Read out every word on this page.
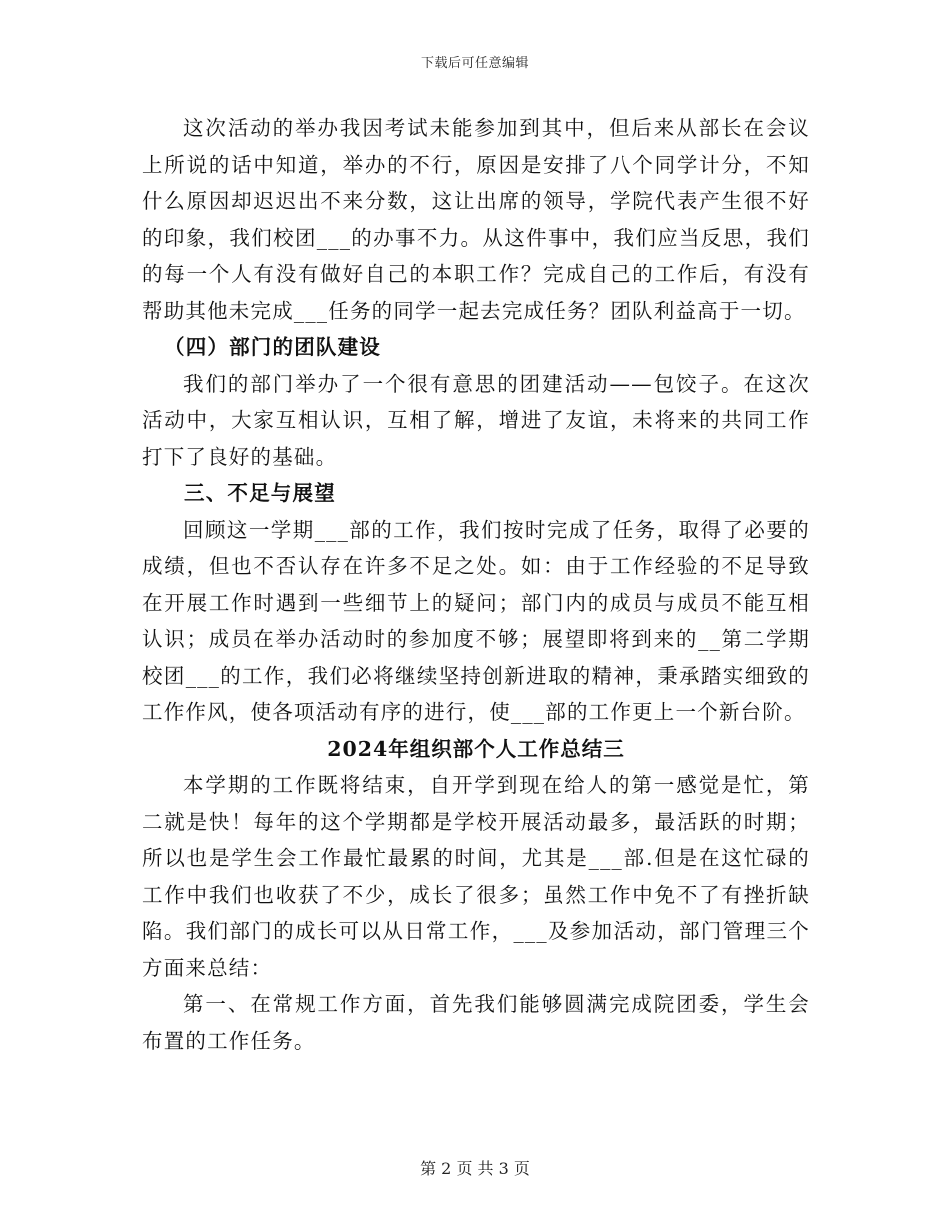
下载后可任意编辑

这次活动的举办我因考试未能参加到其中，但后来从部长在会议上所说的话中知道，举办的不行，原因是安排了八个同学计分，不知什么原因却迟迟出不来分数，这让出席的领导，学院代表产生很不好的印象，我们校团___的办事不力。从这件事中，我们应当反思，我们的每一个人有没有做好自己的本职工作？完成自己的工作后，有没有帮助其他未完成___任务的同学一起去完成任务？团队利益高于一切。

（四）部门的团队建设

我们的部门举办了一个很有意思的团建活动——包饺子。在这次活动中，大家互相认识，互相了解，增进了友谊，未将来的共同工作打下了良好的基础。

三、不足与展望

回顾这一学期___部的工作，我们按时完成了任务，取得了必要的成绩，但也不否认存在许多不足之处。如：由于工作经验的不足导致在开展工作时遇到一些细节上的疑问；部门内的成员与成员不能互相认识；成员在举办活动时的参加度不够；展望即将到来的__第二学期校团___的工作，我们必将继续坚持创新进取的精神，秉承踏实细致的工作作风，使各项活动有序的进行，使___部的工作更上一个新台阶。

2024年组织部个人工作总结三

本学期的工作既将结束，自开学到现在给人的第一感觉是忙，第二就是快！每年的这个学期都是学校开展活动最多，最活跃的时期；所以也是学生会工作最忙最累的时间，尤其是___部.但是在这忙碌的工作中我们也收获了不少，成长了很多；虽然工作中免不了有挫折缺陷。我们部门的成长可以从日常工作，___及参加活动，部门管理三个方面来总结：

第一、在常规工作方面，首先我们能够圆满完成院团委，学生会布置的工作任务。

第 2 页 共 3 页
